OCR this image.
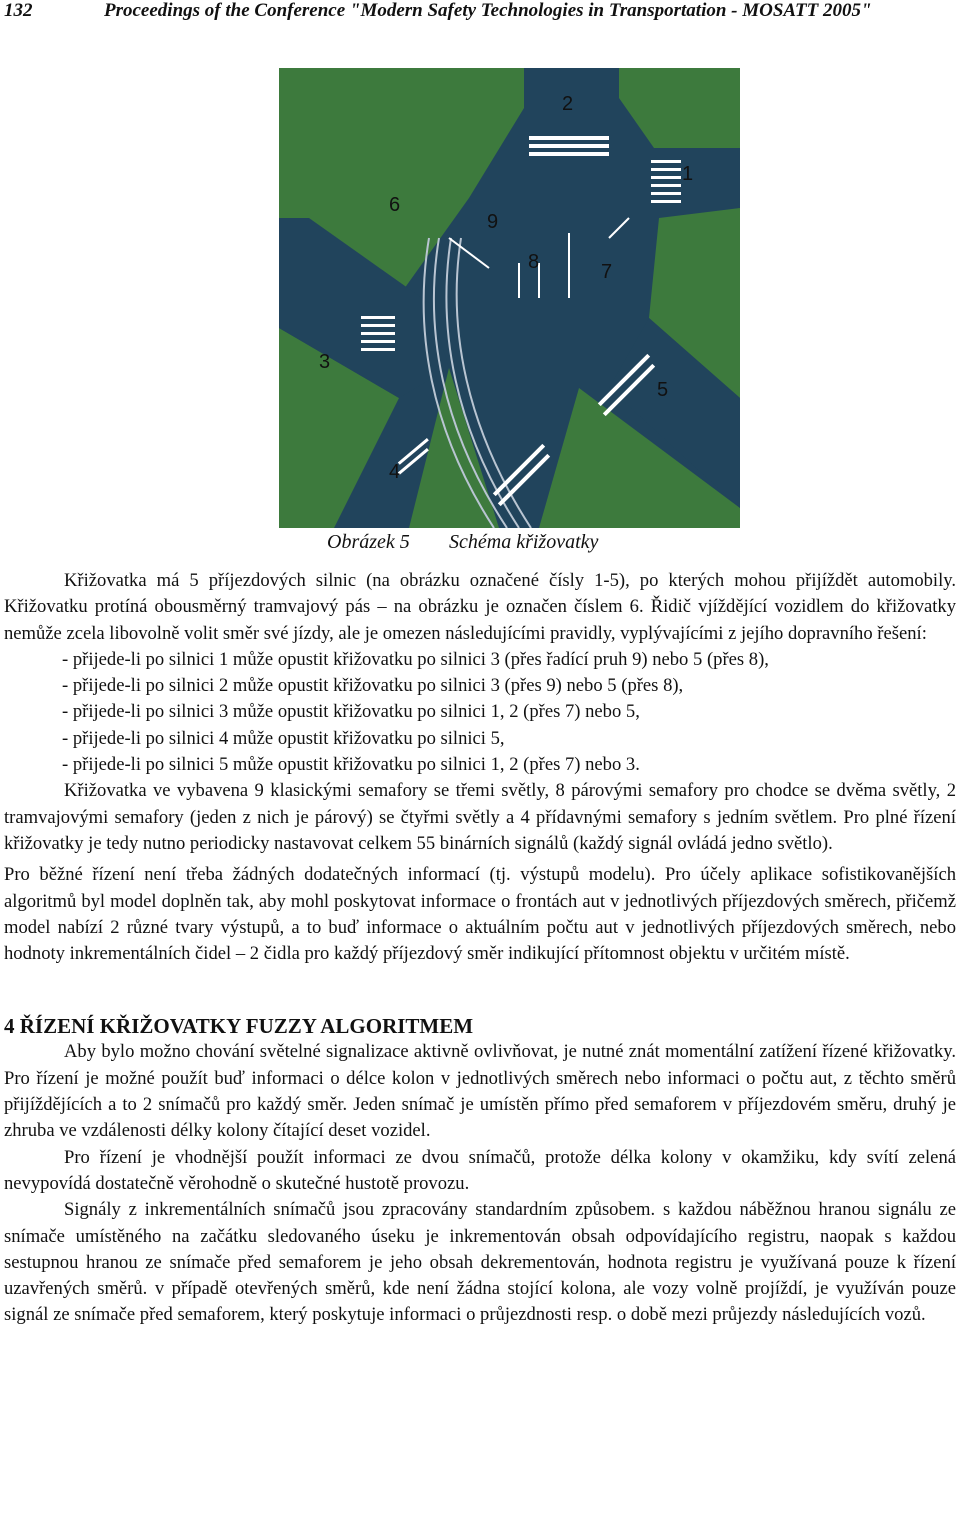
132	Proceedings of the Conference "Modern Safety Technologies in Transportation - MOSATT 2005"
2
1
6
9
8	7
3
5
4
Obrázek 5 Schéma křižovatky

Křižovatka má 5 příjezdových silnic (na obrázku označené čísly 1-5), po kterých mohou přijíždět automobily. Křižovatku protíná obousměrný tramvajový pás – na obrázku je označen číslem 6. Řidič vjíždějící vozidlem do křižovatky nemůže zcela libovolně volit směr své jízdy, ale je omezen následujícími pravidly, vyplývajícími z jejího dopravního řešení:

- přijede-li po silnici 1 může opustit křižovatku po silnici 3 (přes řadící pruh 9) nebo 5 (přes 8),

- přijede-li po silnici 2 může opustit křižovatku po silnici 3 (přes 9) nebo 5 (přes 8),

- přijede-li po silnici 3 může opustit křižovatku po silnici 1, 2 (přes 7) nebo 5,

- přijede-li po silnici 4 může opustit křižovatku po silnici 5,

- přijede-li po silnici 5 může opustit křižovatku po silnici 1, 2 (přes 7) nebo 3.

Křižovatka ve vybavena 9 klasickými semafory se třemi světly, 8 párovými semafory pro chodce se dvěma světly, 2 tramvajovými semafory (jeden z nich je párový) se čtyřmi světly a 4 přídavnými semafory s jedním světlem. Pro plné řízení křižovatky je tedy nutno periodicky nastavovat celkem 55 binárních signálů (každý signál ovládá jedno světlo).

Pro běžné řízení není třeba žádných dodatečných informací (tj. výstupů modelu). Pro účely aplikace sofistikovanějších algoritmů byl model doplněn tak, aby mohl poskytovat informace o frontách aut v jednotlivých příjezdových směrech, přičemž model nabízí 2 různé tvary výstupů, a to buď informace o aktuálním počtu aut v jednotlivých příjezdových směrech, nebo hodnoty inkrementálních čidel – 2 čidla pro každý příjezdový směr indikující přítomnost objektu v určitém místě.

4 ŘÍZENÍ KŘIŽOVATKY FUZZY ALGORITMEM

Aby bylo možno chování světelné signalizace aktivně ovlivňovat, je nutné znát momentální zatížení řízené křižovatky. Pro řízení je možné použít buď informaci o délce kolon v jednotlivých směrech nebo informaci o počtu aut, z těchto směrů přijíždějících a to 2 snímačů pro každý směr. Jeden snímač je umístěn přímo před semaforem v příjezdovém směru, druhý je zhruba ve vzdálenosti délky kolony čítající deset vozidel.

Pro řízení je vhodnější použít informaci ze dvou snímačů, protože délka kolony v okamžiku, kdy svítí zelená nevypovídá dostatečně věrohodně o skutečné hustotě provozu.

Signály z inkrementálních snímačů jsou zpracovány standardním způsobem. s každou náběžnou hranou signálu ze snímače umístěného na začátku sledovaného úseku je inkrementován obsah odpovídajícího registru, naopak s každou sestupnou hranou ze snímače před semaforem je jeho obsah dekrementován, hodnota registru je využívaná pouze k řízení uzavřených směrů. v případě otevřených směrů, kde není žádna stojící kolona, ale vozy volně projíždí, je využíván pouze signál ze snímače před semaforem, který poskytuje informaci o průjezdnosti resp. o době mezi průjezdy následujících vozů.
